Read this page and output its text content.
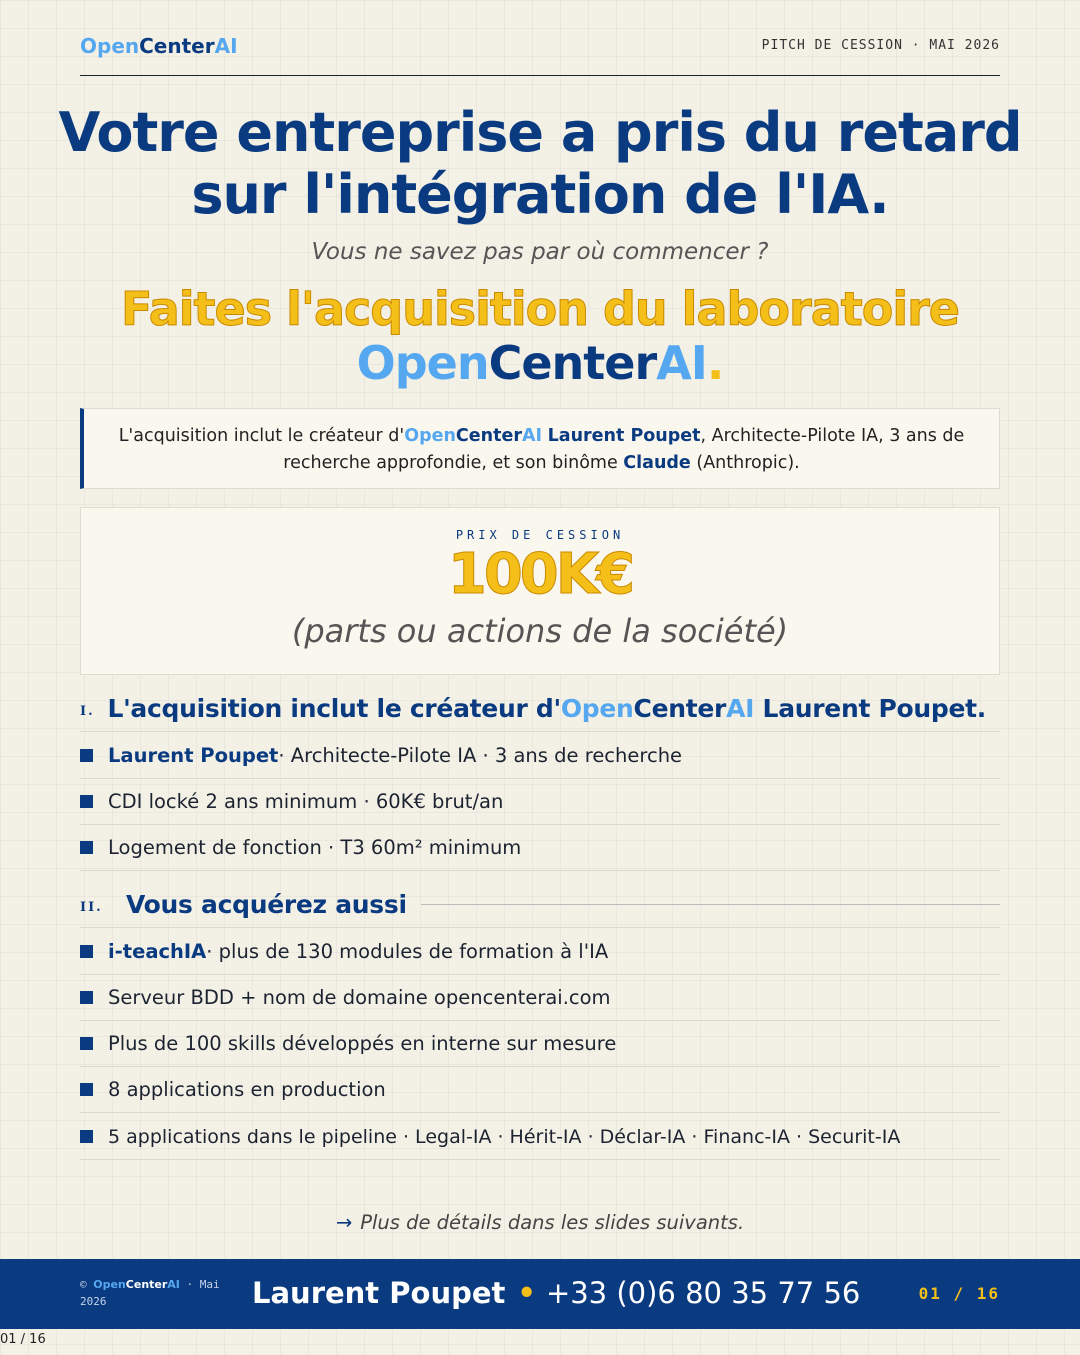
OpenCenterAI	PITCH DE CESSION · MAI 2026
Votre entreprise a pris du retard
sur l'intégration de l'IA.
Vous ne savez pas par où commencer ?
Faites l'acquisition du laboratoire
OpenCenterAI.
L'acquisition inclut le créateur d'OpenCenterAI Laurent Poupet, Architecte-Pilote IA, 3 ans de recherche approfondie, et son binôme Claude (Anthropic).
PRIX DE CESSION
100K€
(parts ou actions de la société)
I. L'acquisition inclut le créateur d'OpenCenterAI Laurent Poupet.
Laurent Poupet · Architecte-Pilote IA · 3 ans de recherche
CDI locké 2 ans minimum · 60K€ brut/an
Logement de fonction · T3 60m² minimum
II. Vous acquérez aussi
i-teachIA · plus de 130 modules de formation à l'IA
Serveur BDD + nom de domaine opencenterai.com
Plus de 100 skills développés en interne sur mesure
8 applications en production
5 applications dans le pipeline · Legal-IA · Hérit-IA · Déclar-IA · Financ-IA · Securit-IA
→ Plus de détails dans les slides suivants.
© OpenCenterAI · Mai 2026	Laurent Poupet • +33 (0)6 80 35 77 56	01 / 16
01 / 16
